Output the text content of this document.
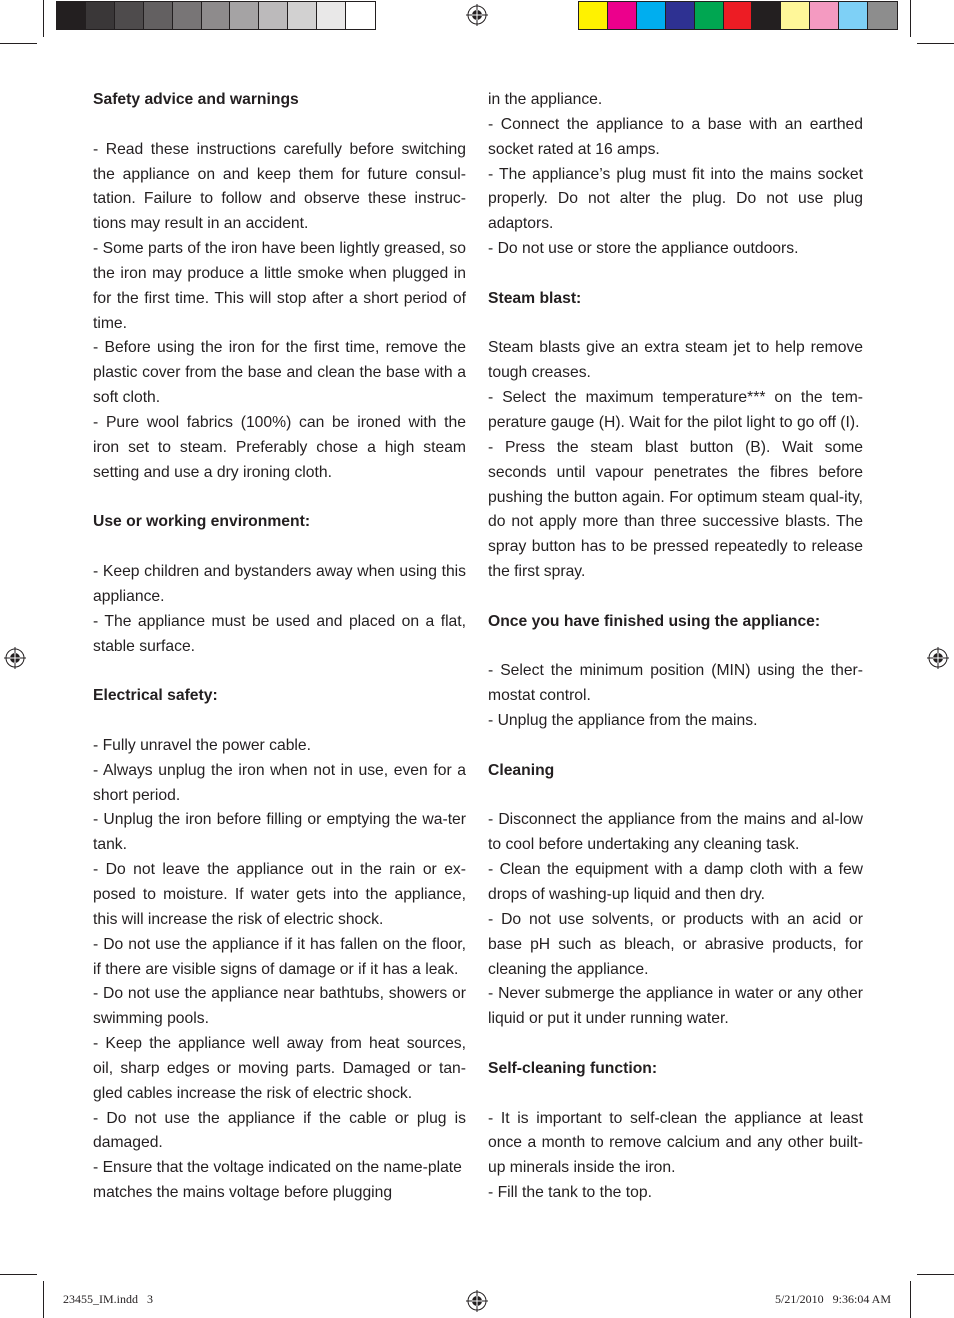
Safety advice and warnings

- Read these instructions carefully before switching the appliance on and keep them for future consul-tation. Failure to follow and observe these instruc-tions may result in an accident.

- Some parts of the iron have been lightly greased, so the iron may produce a little smoke when plugged in for the first time. This will stop after a short period of time.

- Before using the iron for the first time, remove the plastic cover from the base and clean the base with a soft cloth.

- Pure wool fabrics (100%) can be ironed with the iron set to steam. Preferably chose a high steam setting and use a dry ironing cloth.

Use or working environment:

- Keep children and bystanders away when using this appliance.

- The appliance must be used and placed on a flat, stable surface.

Electrical safety:

- Fully unravel the power cable.

- Always unplug the iron when not in use, even for a short period.

- Unplug the iron before filling or emptying the wa-ter tank.

- Do not leave the appliance out in the rain or ex-posed to moisture. If water gets into the appliance, this will increase the risk of electric shock.

- Do not use the appliance if it has fallen on the floor, if there are visible signs of damage or if it has a leak.

- Do not use the appliance near bathtubs, showers or swimming pools.

- Keep the appliance well away from heat sources, oil, sharp edges or moving parts. Damaged or tan-gled cables increase the risk of electric shock.

- Do not use the appliance if the cable or plug is damaged.

- Ensure that the voltage indicated on the name-plate matches the mains voltage before plugging

in the appliance.

- Connect the appliance to a base with an earthed socket rated at 16 amps.

- The appliance’s plug must fit into the mains socket properly. Do not alter the plug. Do not use plug adaptors.

- Do not use or store the appliance outdoors.

Steam blast:

Steam blasts give an extra steam jet to help remove tough creases.

- Select the maximum temperature*** on the tem-perature gauge (H). Wait for the pilot light to go off (I).

- Press the steam blast button (B). Wait some seconds until vapour penetrates the fibres before pushing the button again. For optimum steam qual-ity, do not apply more than three successive blasts. The spray button has to be pressed repeatedly to release the first spray.

Once you have finished using the appliance:

- Select the minimum position (MIN) using the ther-mostat control.

- Unplug the appliance from the mains.

Cleaning

- Disconnect the appliance from the mains and al-low to cool before undertaking any cleaning task.

- Clean the equipment with a damp cloth with a few drops of washing-up liquid and then dry.

- Do not use solvents, or products with an acid or base pH such as bleach, or abrasive products, for cleaning the appliance.

- Never submerge the appliance in water or any other liquid or put it under running water.

Self-cleaning function:

- It is important to self-clean the appliance at least once a month to remove calcium and any other built-up minerals inside the iron.

- Fill the tank to the top.

23455_IM.indd   3	5/21/2010   9:36:04 AM
